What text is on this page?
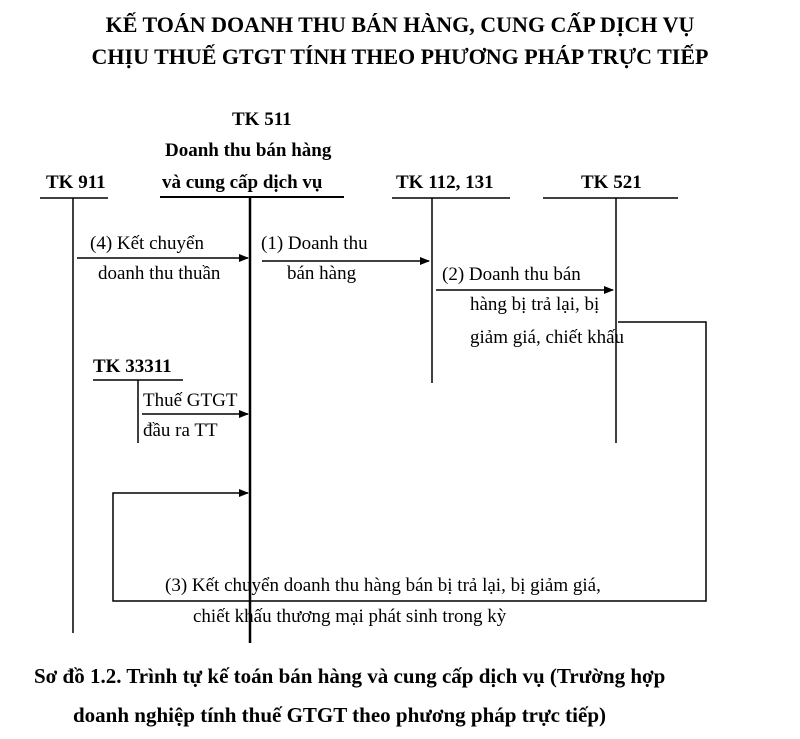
KẾ TOÁN DOANH THU BÁN HÀNG, CUNG CẤP DỊCH VỤ
CHỊU THUẾ GTGT TÍNH THEO PHƯƠNG PHÁP TRỰC TIẾP
TK 511
Doanh thu bán hàng
và cung cấp dịch vụ
TK 911	TK 112, 131	TK 521
TK 33311
(4) Kết chuyển
doanh thu thuần
(1) Doanh thu
bán hàng	(2) Doanh thu bán
hàng bị trả lại, bị
giảm giá, chiết khấu
Thuế GTGT
đầu ra TT
(3) Kết chuyển doanh thu hàng bán bị trả lại, bị giảm giá,
chiết khấu thương mại phát sinh trong kỳ
Sơ đồ 1.2. Trình tự kế toán bán hàng và cung cấp dịch vụ (Trường hợp
doanh nghiệp tính thuế GTGT theo phương pháp trực tiếp)
